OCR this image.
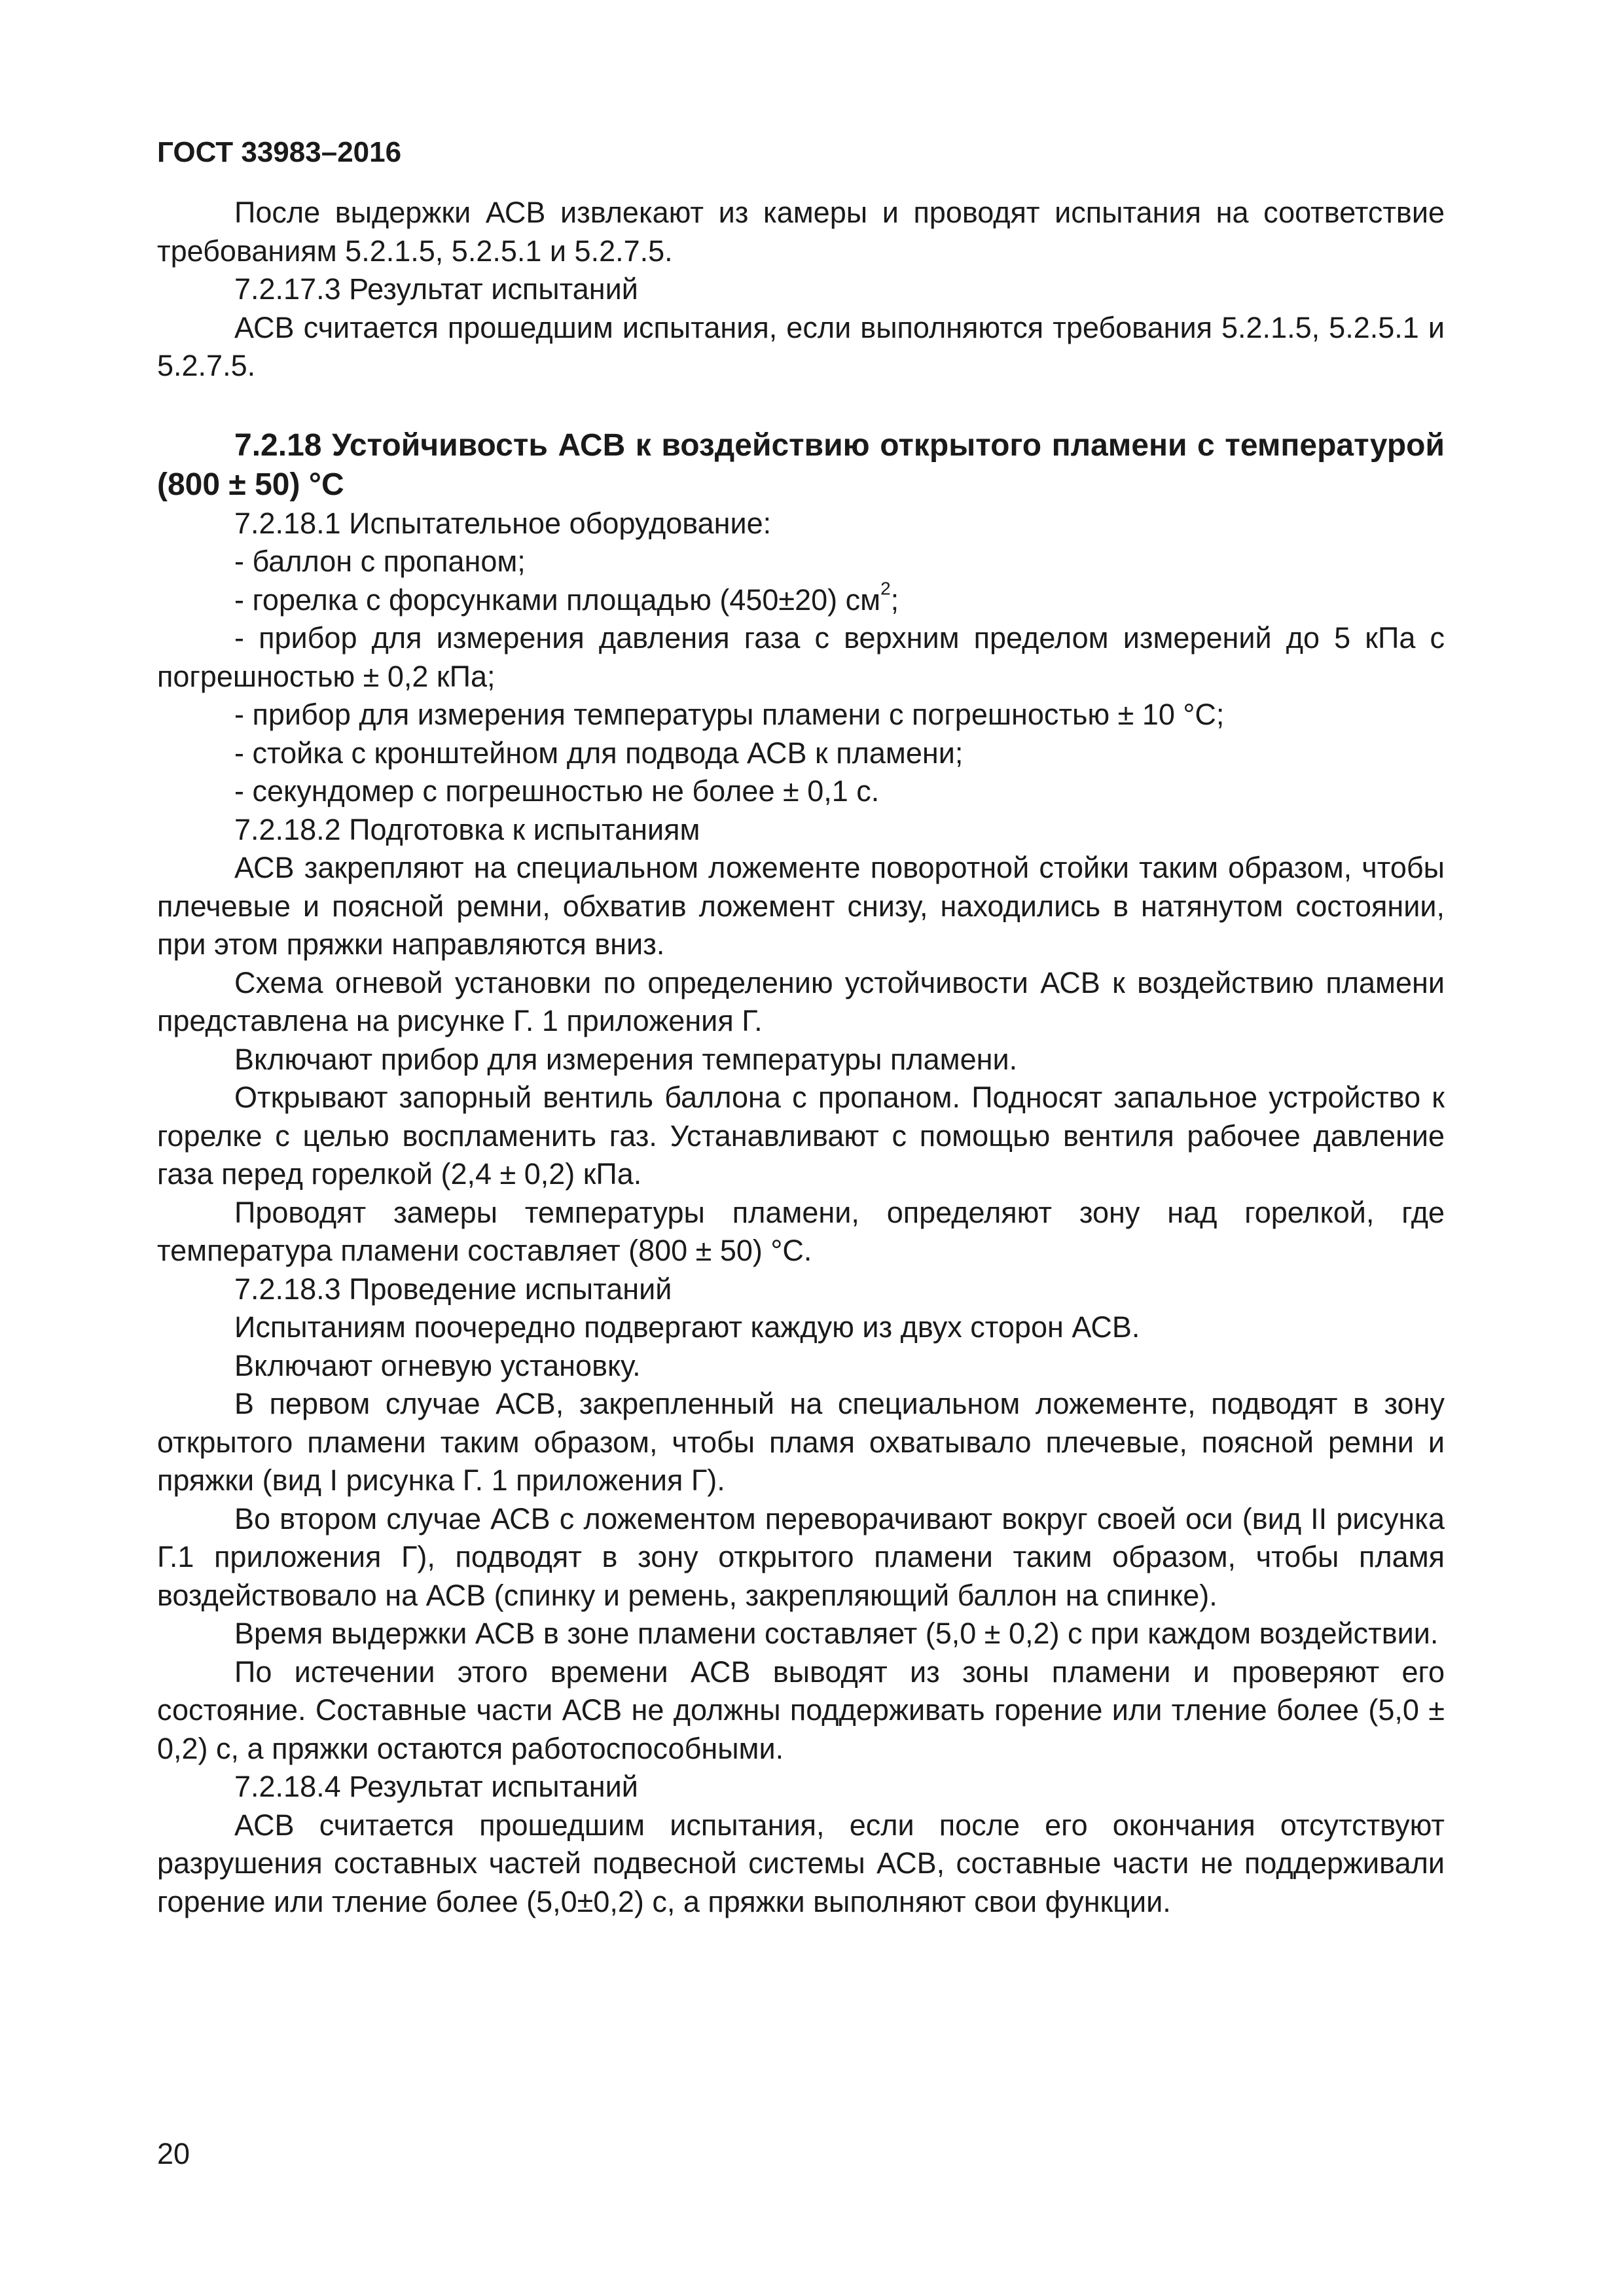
ГОСТ 33983–2016

После выдержки АСВ извлекают из камеры и проводят испытания на соответствие требованиям 5.2.1.5, 5.2.5.1 и 5.2.7.5.

7.2.17.3 Результат испытаний

АСВ считается прошедшим испытания, если выполняются требования 5.2.1.5, 5.2.5.1 и 5.2.7.5.

7.2.18 Устойчивость АСВ к воздействию открытого пламени с температурой (800 ± 50) °С

7.2.18.1 Испытательное оборудование:

- баллон с пропаном;

- горелка с форсунками площадью (450±20) $см^2$;

- прибор для измерения давления газа с верхним пределом измерений до 5 кПа с погрешностью ± 0,2 кПа;

- прибор для измерения температуры пламени с погрешностью ± 10 °С;

- стойка с кронштейном для подвода АСВ к пламени;

- секундомер с погрешностью не более ± 0,1 с.

7.2.18.2 Подготовка к испытаниям

АСВ закрепляют на специальном ложементе поворотной стойки таким образом, чтобы плечевые и поясной ремни, обхватив ложемент снизу, находились в натянутом состоянии, при этом пряжки направляются вниз.

Схема огневой установки по определению устойчивости АСВ к воздействию пламени представлена на рисунке Г. 1 приложения Г.

Включают прибор для измерения температуры пламени.

Открывают запорный вентиль баллона с пропаном. Подносят запальное устройство к горелке с целью воспламенить газ. Устанавливают с помощью вентиля рабочее давление газа перед горелкой (2,4 ± 0,2) кПа.

Проводят замеры температуры пламени, определяют зону над горелкой, где температура пламени составляет (800 ± 50) °С.

7.2.18.3 Проведение испытаний

Испытаниям поочередно подвергают каждую из двух сторон АСВ.

Включают огневую установку.

В первом случае АСВ, закрепленный на специальном ложементе, подводят в зону открытого пламени таким образом, чтобы пламя охватывало плечевые, поясной ремни и пряжки (вид I рисунка Г. 1 приложения Г).

Во втором случае АСВ с ложементом переворачивают вокруг своей оси (вид II рисунка Г.1 приложения Г), подводят в зону открытого пламени таким образом, чтобы пламя воздействовало на АСВ (спинку и ремень, закрепляющий баллон на спинке).

Время выдержки АСВ в зоне пламени составляет (5,0 ± 0,2) с при каждом воздействии.

По истечении этого времени АСВ выводят из зоны пламени и проверяют его состояние. Составные части АСВ не должны поддерживать горение или тление более (5,0 ± 0,2) с, а пряжки остаются работоспособными.

7.2.18.4 Результат испытаний

АСВ считается прошедшим испытания, если после его окончания отсутствуют разрушения составных частей подвесной системы АСВ, составные части не поддерживали горение или тление более (5,0±0,2) с, а пряжки выполняют свои функции.

20
